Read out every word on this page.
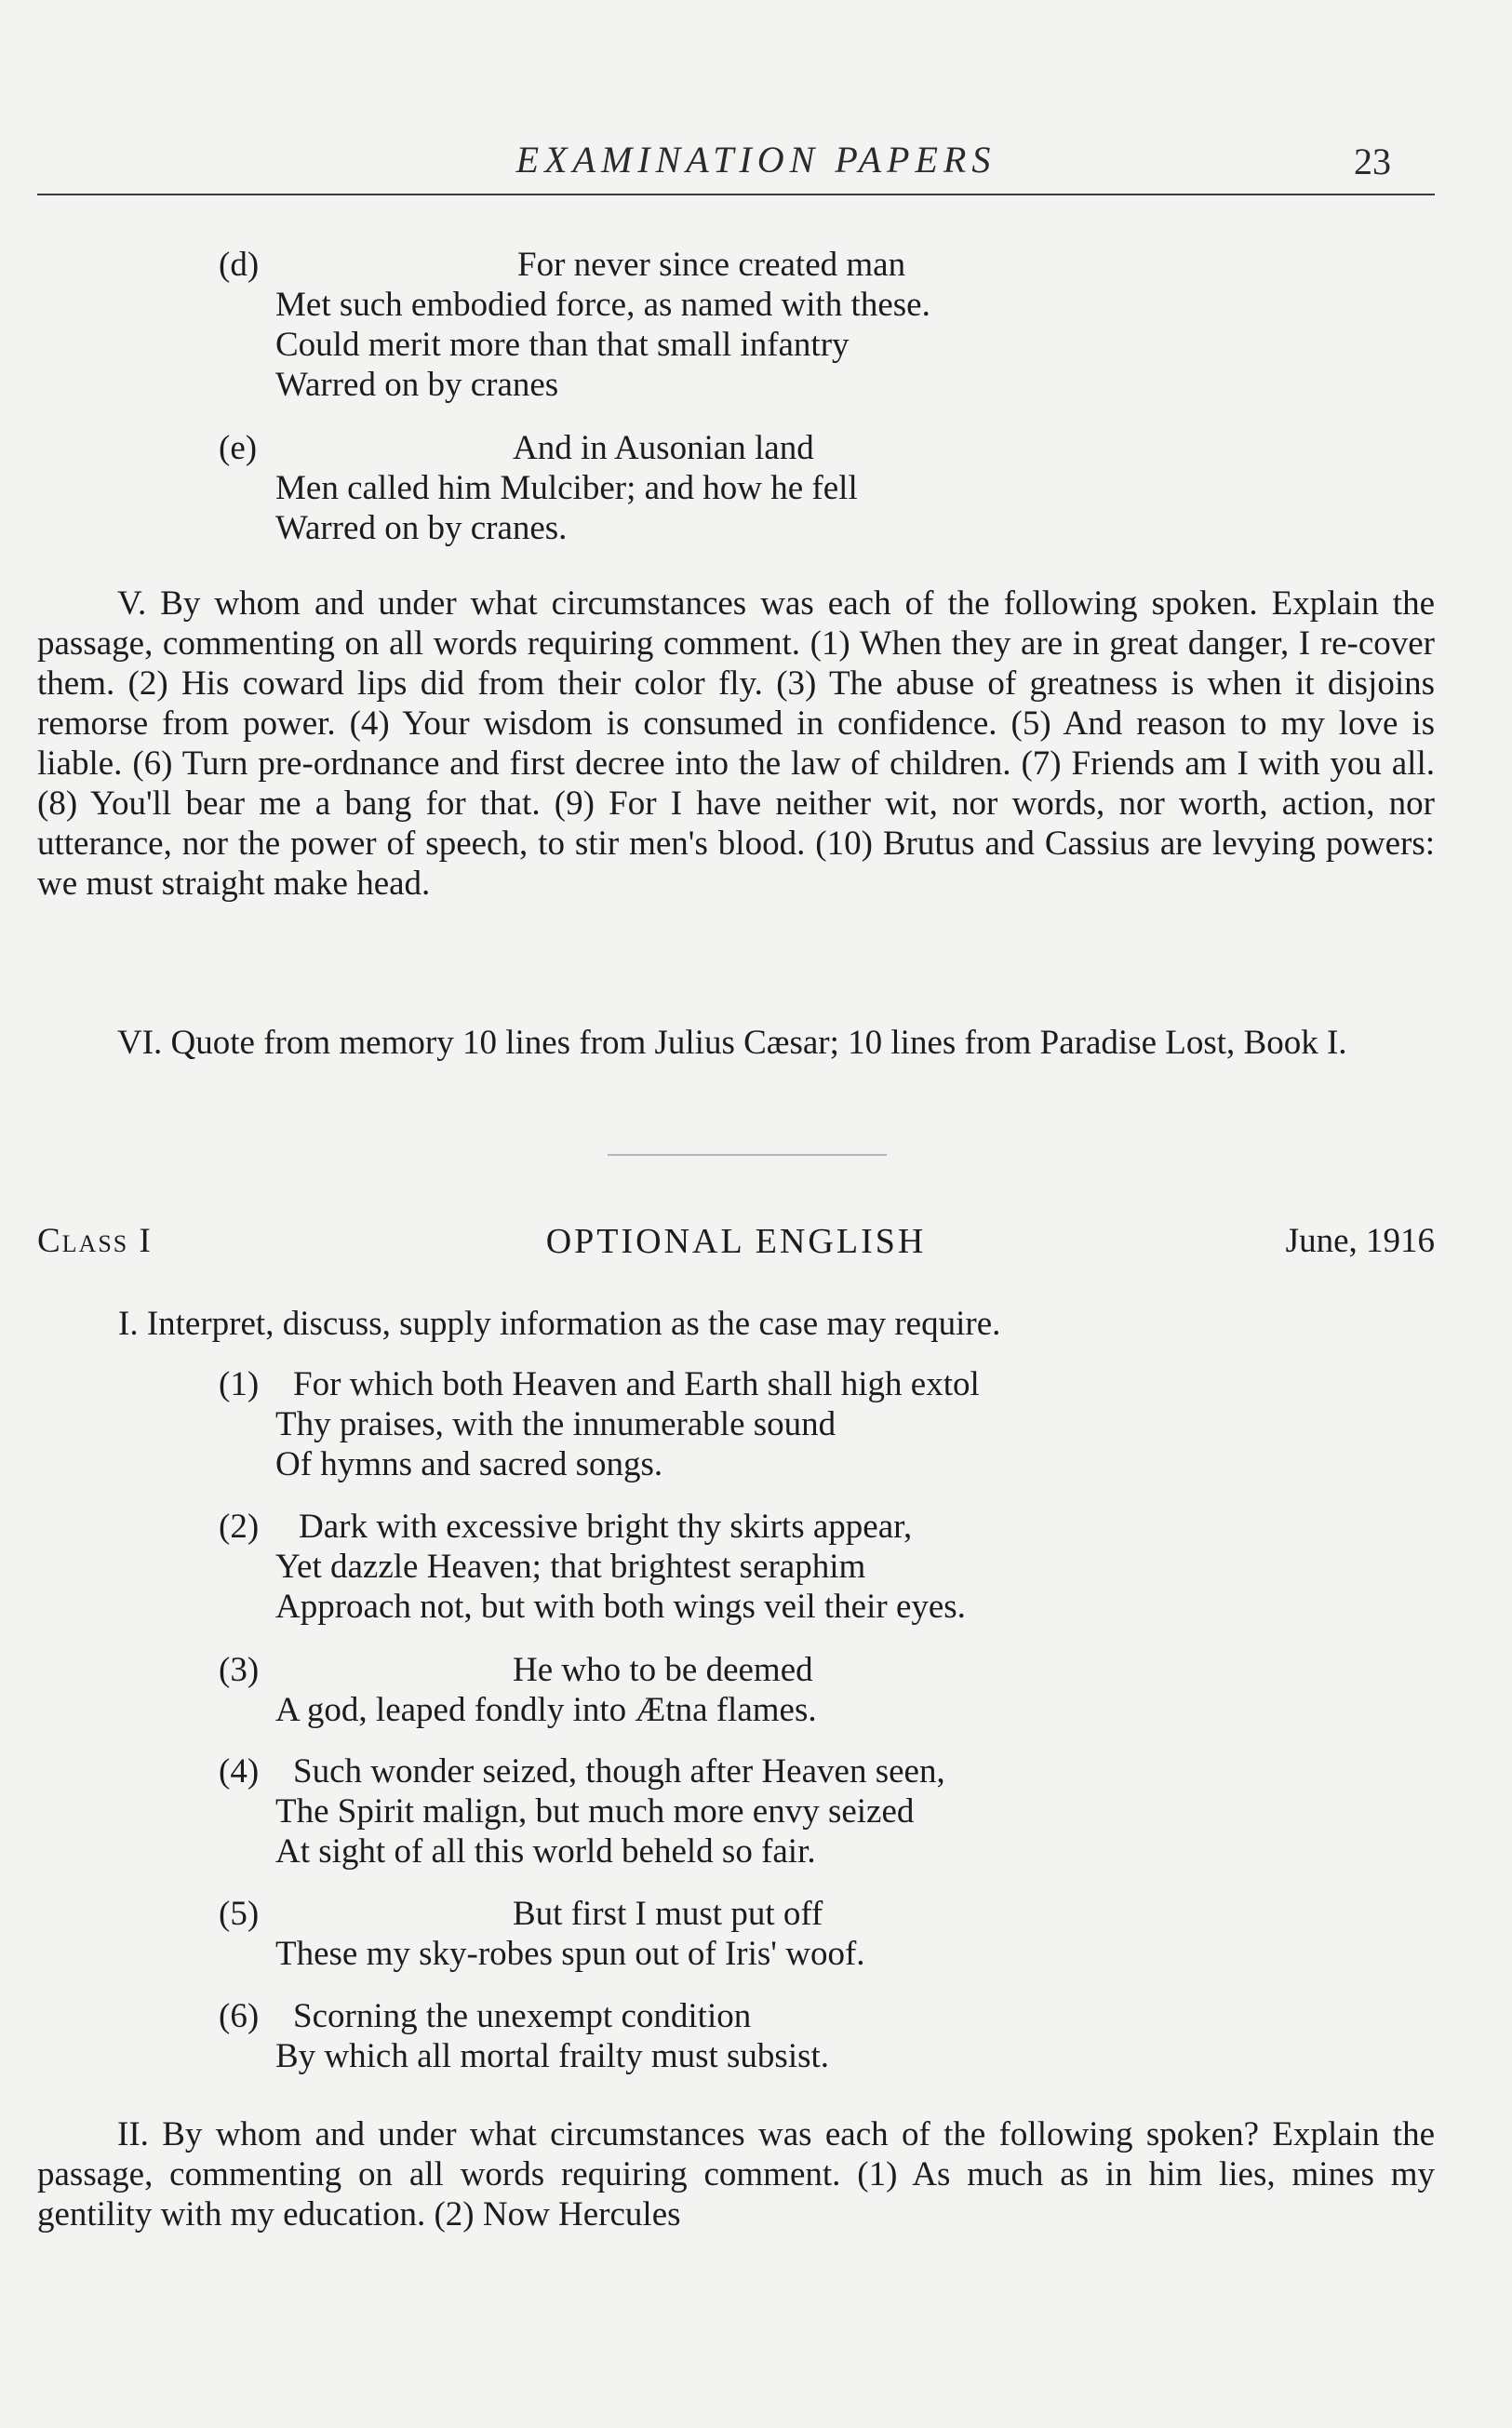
EXAMINATION PAPERS	23
(d)	For never since created man
Met such embodied force, as named with these.
Could merit more than that small infantry
Warred on by cranes
(e)	And in Ausonian land
Men called him Mulciber; and how he fell
Warred on by cranes.

V. By whom and under what circumstances was each of the following spoken. Explain the passage, commenting on all words requiring comment. (1) When they are in great danger, I re-cover them. (2) His coward lips did from their color fly. (3) The abuse of greatness is when it disjoins remorse from power. (4) Your wisdom is consumed in confidence. (5) And reason to my love is liable. (6) Turn pre-ordnance and first decree into the law of children. (7) Friends am I with you all. (8) You'll bear me a bang for that. (9) For I have neither wit, nor words, nor worth, action, nor utterance, nor the power of speech, to stir men's blood. (10) Brutus and Cassius are levying powers: we must straight make head.

VI. Quote from memory 10 lines from Julius Cæsar; 10 lines from Paradise Lost, Book I.

Class I	OPTIONAL ENGLISH	June, 1916
I. Interpret, discuss, supply information as the case may require.
(1) For which both Heaven and Earth shall high extol
Thy praises, with the innumerable sound
Of hymns and sacred songs.
(2) Dark with excessive bright thy skirts appear,
Yet dazzle Heaven; that brightest seraphim
Approach not, but with both wings veil their eyes.
(3)	He who to be deemed
A god, leaped fondly into Ætna flames.
(4) Such wonder seized, though after Heaven seen,
The Spirit malign, but much more envy seized
At sight of all this world beheld so fair.
(5)	But first I must put off
These my sky-robes spun out of Iris' woof.
(6) Scorning the unexempt condition
By which all mortal frailty must subsist.

II. By whom and under what circumstances was each of the following spoken? Explain the passage, commenting on all words requiring comment. (1) As much as in him lies, mines my gentility with my education. (2) Now Hercules
